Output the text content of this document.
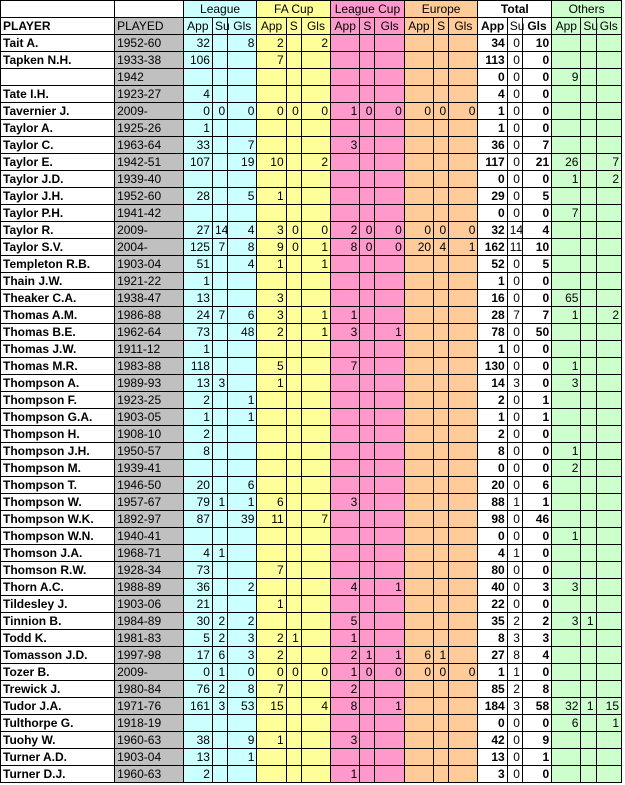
		League			FA Cup			League Cup			Europe			Total			Others		
PLAYER	PLAYED	App	Su	Gls	App	S	Gls	App	S	Gls	App	S	Gls	App	Su	Gls	App	Su	Gls
Tait A.	1952-60	32		8	2		2							34	0	10			
Tapken N.H.	1933-38	106			7									113	0	0			
	1942													0	0	0	9		
Tate I.H.	1923-27	4												4	0	0			
Tavernier J.	2009-	0	0	0	0	0	0	1	0	0	0	0	0	1	0	0			
Taylor A.	1925-26	1												1	0	0			
Taylor C.	1963-64	33		7				3						36	0	7			
Taylor E.	1942-51	107		19	10		2							117	0	21	26		7
Taylor J.D.	1939-40													0	0	0	1		2
Taylor J.H.	1952-60	28		5	1									29	0	5			
Taylor P.H.	1941-42													0	0	0	7		
Taylor R.	2009-	27	14	4	3	0	0	2	0	0	0	0	0	32	14	4			
Taylor S.V.	2004-	125	7	8	9	0	1	8	0	0	20	4	1	162	11	10			
Templeton R.B.	1903-04	51		4	1		1							52	0	5			
Thain J.W.	1921-22	1												1	0	0			
Theaker C.A.	1938-47	13			3									16	0	0	65		
Thomas A.M.	1986-88	24	7	6	3		1	1						28	7	7	1		2
Thomas B.E.	1962-64	73		48	2		1	3		1				78	0	50			
Thomas J.W.	1911-12	1												1	0	0			
Thomas M.R.	1983-88	118			5			7						130	0	0	1		
Thompson A.	1989-93	13	3		1									14	3	0	3		
Thompson F.	1923-25	2		1										2	0	1			
Thompson G.A.	1903-05	1		1										1	0	1			
Thompson H.	1908-10	2												2	0	0			
Thompson J.H.	1950-57	8												8	0	0	1		
Thompson M.	1939-41													0	0	0	2		
Thompson T.	1946-50	20		6										20	0	6			
Thompson W.	1957-67	79	1	1	6			3						88	1	1			
Thompson W.K.	1892-97	87		39	11		7							98	0	46			
Thompson W.N.	1940-41													0	0	0	1		
Thomson J.A.	1968-71	4	1											4	1	0			
Thomson R.W.	1928-34	73			7									80	0	0			
Thorn A.C.	1988-89	36		2				4		1				40	0	3	3		
Tildesley J.	1903-06	21			1									22	0	0			
Tinnion B.	1984-89	30	2	2				5						35	2	2	3	1	
Todd K.	1981-83	5	2	3	2	1		1						8	3	3			
Tomasson J.D.	1997-98	17	6	3	2			2	1	1	6	1		27	8	4			
Tozer B.	2009-	0	1	0	0	0	0	1	0	0	0	0	0	1	1	0			
Trewick J.	1980-84	76	2	8	7			2						85	2	8			
Tudor J.A.	1971-76	161	3	53	15		4	8		1				184	3	58	32	1	15
Tulthorpe G.	1918-19													0	0	0	6		1
Tuohy W.	1960-63	38		9	1			3						42	0	9			
Turner A.D.	1903-04	13		1										13	0	1			
Turner D.J.	1960-63	2						1						3	0	0			
